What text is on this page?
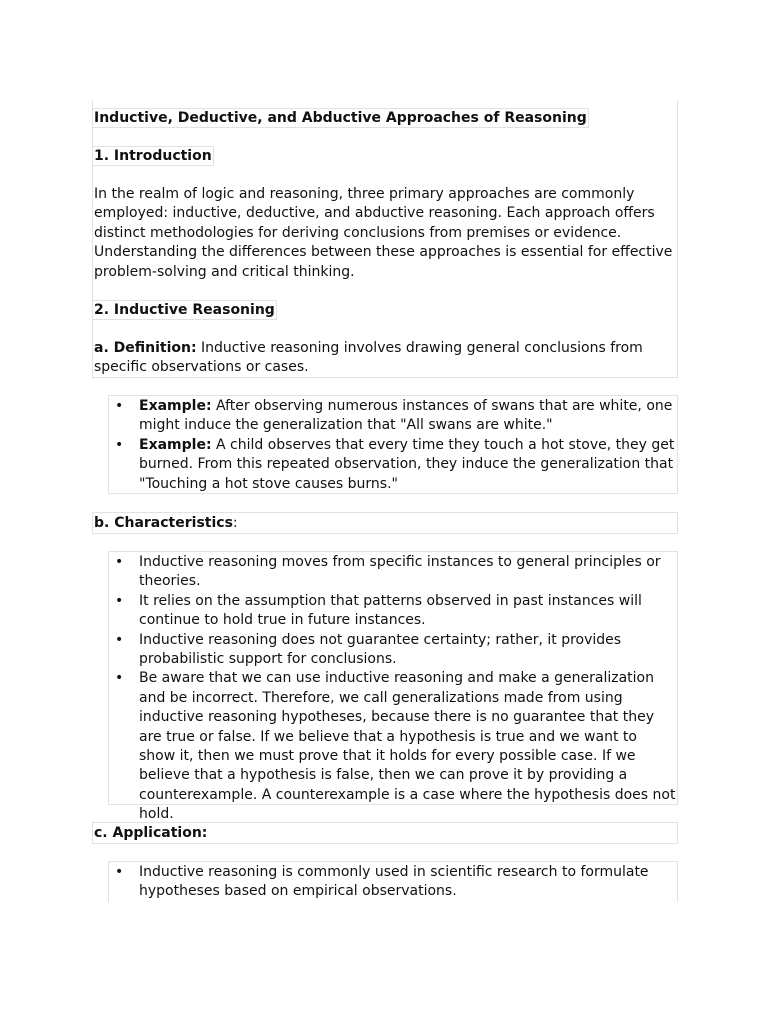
Inductive, Deductive, and Abductive Approaches of Reasoning
1. Introduction

In the realm of logic and reasoning, three primary approaches are commonly employed: inductive, deductive, and abductive reasoning. Each approach offers distinct methodologies for deriving conclusions from premises or evidence. Understanding the differences between these approaches is essential for effective problem-solving and critical thinking.

2. Inductive Reasoning

a. Definition: Inductive reasoning involves drawing general conclusions from specific observations or cases.

• Example: After observing numerous instances of swans that are white, one might induce the generalization that "All swans are white."
• Example: A child observes that every time they touch a hot stove, they get burned. From this repeated observation, they induce the generalization that "Touching a hot stove causes burns."
b. Characteristics:
• Inductive reasoning moves from specific instances to general principles or theories.
• It relies on the assumption that patterns observed in past instances will continue to hold true in future instances.
• Inductive reasoning does not guarantee certainty; rather, it provides probabilistic support for conclusions.
• Be aware that we can use inductive reasoning and make a generalization and be incorrect. Therefore, we call generalizations made from using inductive reasoning hypotheses, because there is no guarantee that they are true or false. If we believe that a hypothesis is true and we want to show it, then we must prove that it holds for every possible case. If we believe that a hypothesis is false, then we can prove it by providing a counterexample. A counterexample is a case where the hypothesis does not hold.
c. Application:
• Inductive reasoning is commonly used in scientific research to formulate hypotheses based on empirical observations.
